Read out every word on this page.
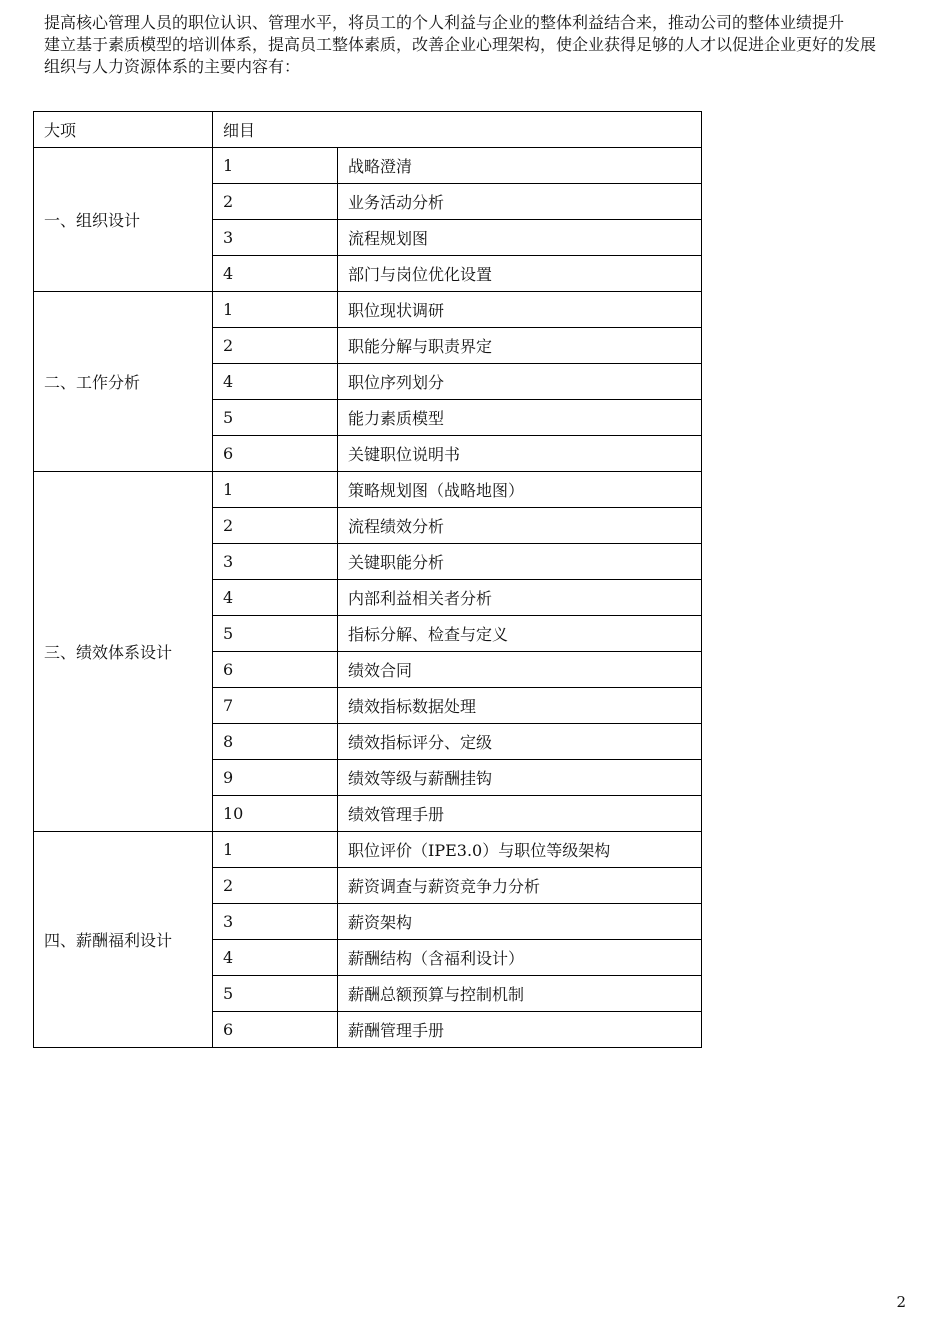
提高核心管理人员的职位认识、管理水平，将员工的个人利益与企业的整体利益结合来，推动公司的整体业绩提升

建立基于素质模型的培训体系，提高员工整体素质，改善企业心理架构，使企业获得足够的人才以促进企业更好的发展

组织与人力资源体系的主要内容有：

大项	细目	
一、组织设计	1	战略澄清
	2	业务活动分析
	3	流程规划图
	4	部门与岗位优化设置
二、工作分析	1	职位现状调研
	2	职能分解与职责界定
	4	职位序列划分
	5	能力素质模型
	6	关键职位说明书
三、绩效体系设计	1	策略规划图（战略地图）
	2	流程绩效分析
	3	关键职能分析
	4	内部利益相关者分析
	5	指标分解、检查与定义
	6	绩效合同
	7	绩效指标数据处理
	8	绩效指标评分、定级
	9	绩效等级与薪酬挂钩
	10	绩效管理手册
四、薪酬福利设计	1	职位评价（IPE3.0）与职位等级架构
	2	薪资调查与薪资竞争力分析
	3	薪资架构
	4	薪酬结构（含福利设计）
	5	薪酬总额预算与控制机制
	6	薪酬管理手册
2
